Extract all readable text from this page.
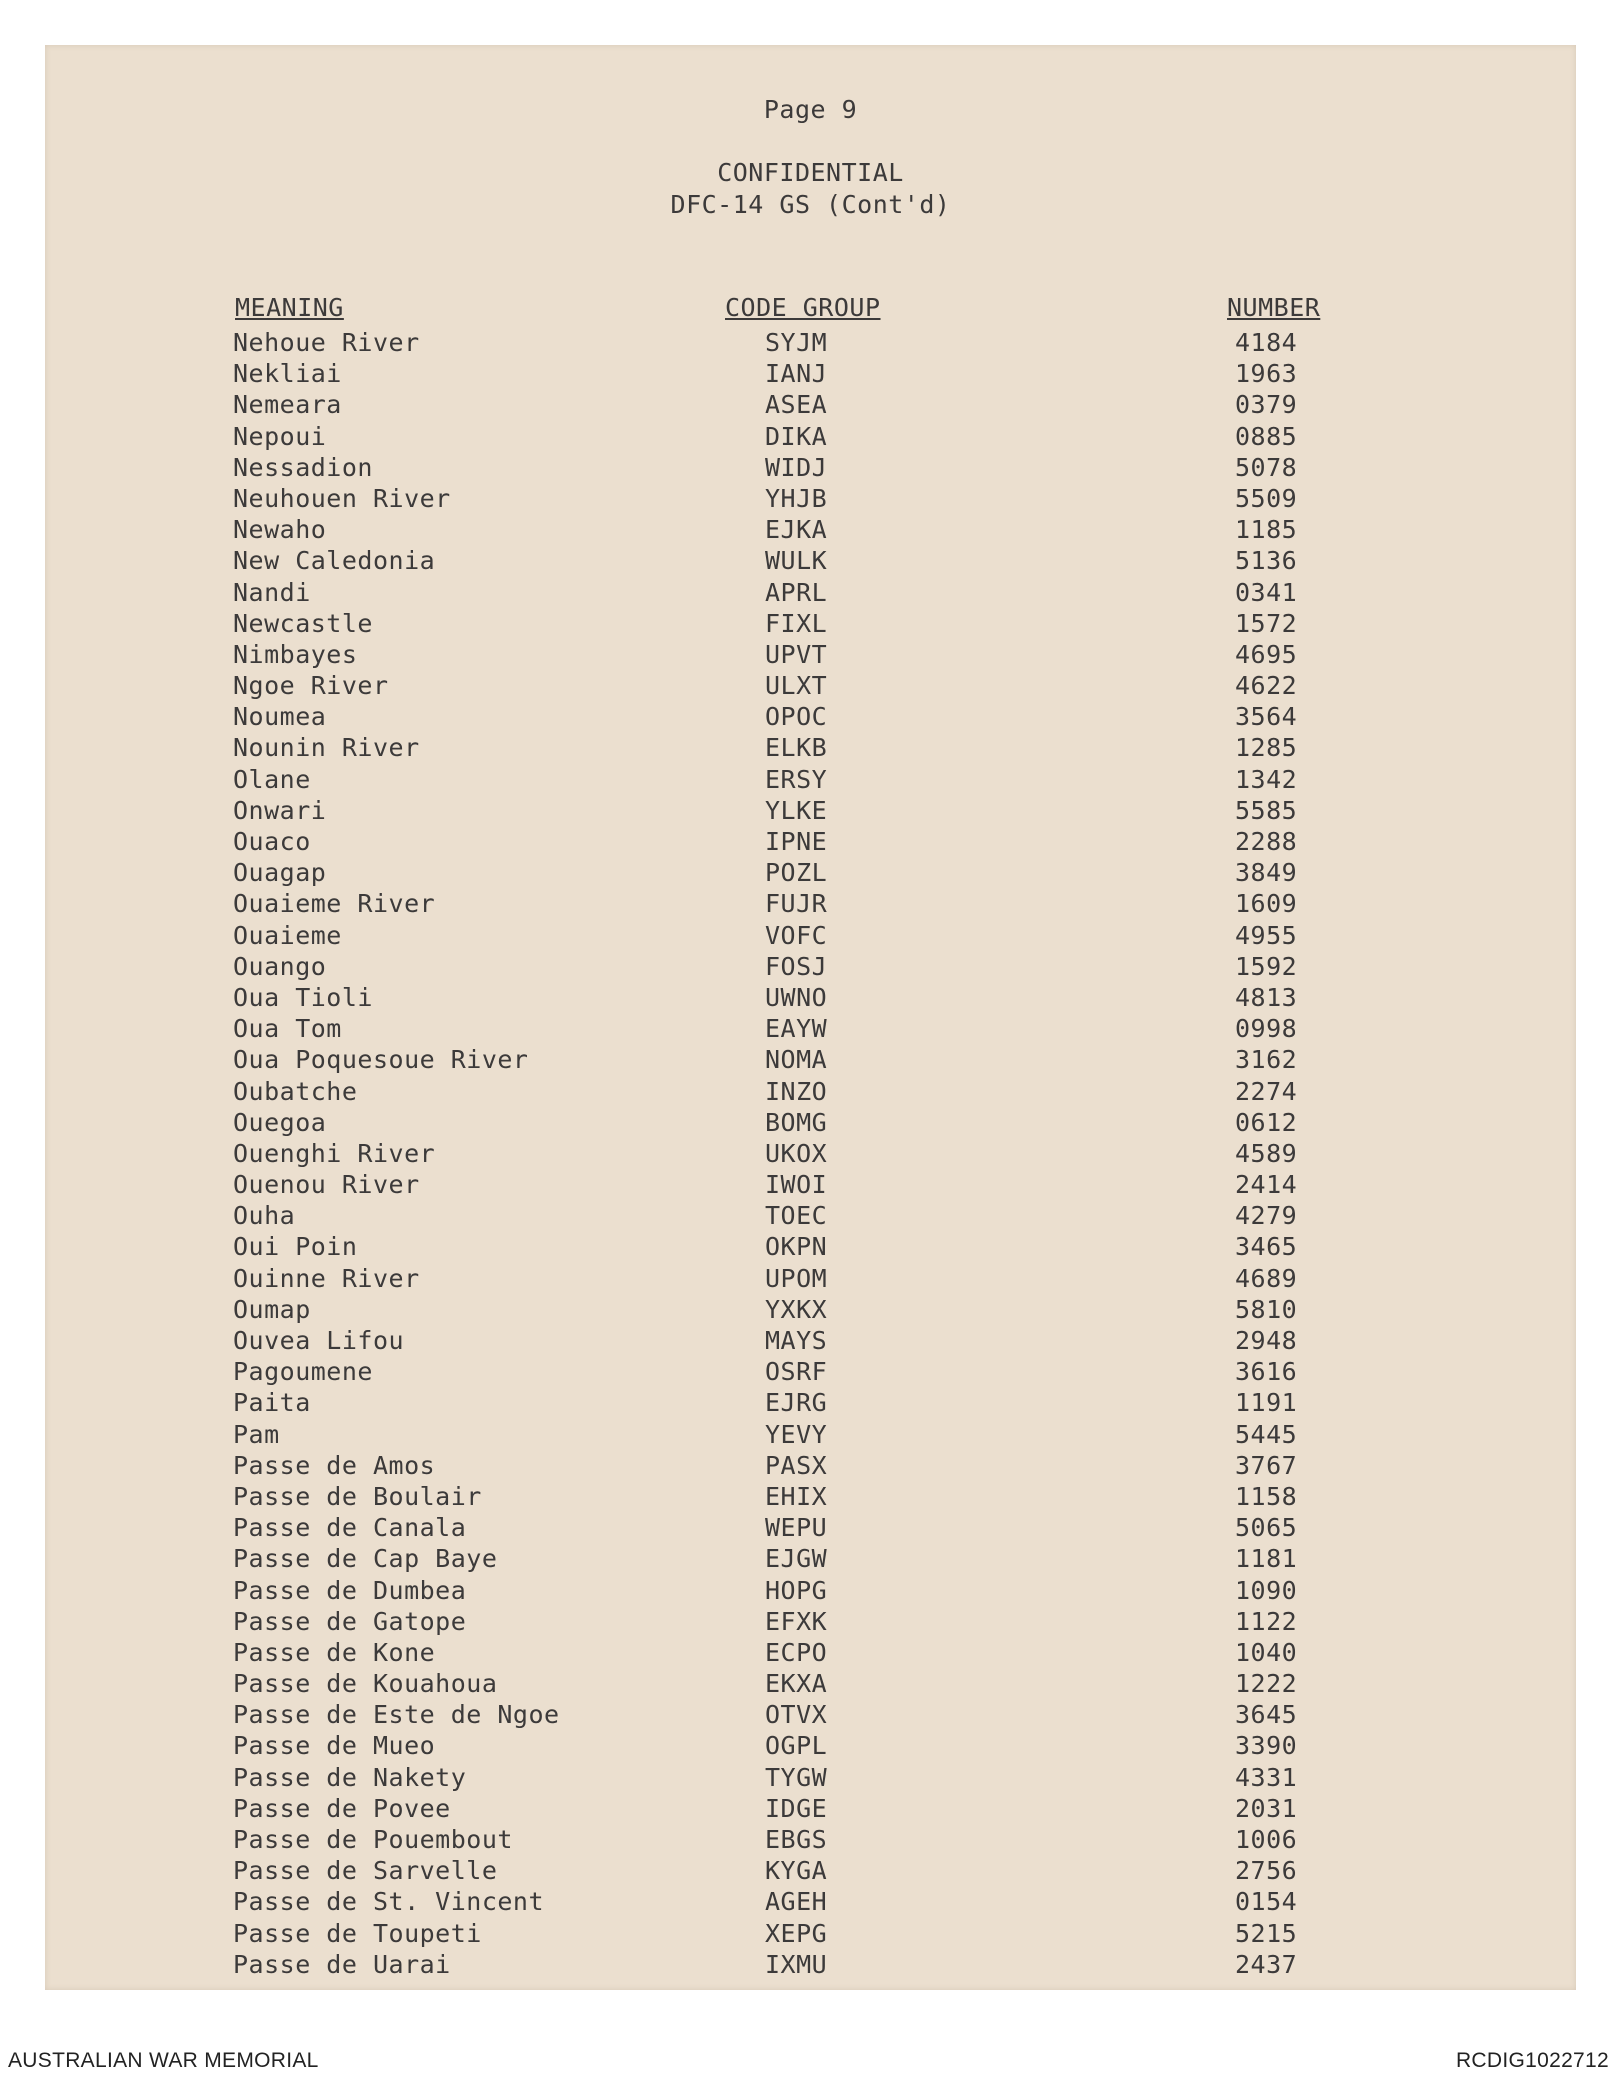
Page 9
CONFIDENTIAL
DFC-14 GS (Cont'd)
MEANING	CODE GROUP	NUMBER
Nehoue River	SYJM	4184
Nekliai	IANJ	1963
Nemeara	ASEA	0379
Nepoui	DIKA	0885
Nessadion	WIDJ	5078
Neuhouen River	YHJB	5509
Newaho	EJKA	1185
New Caledonia	WULK	5136
Nandi	APRL	0341
Newcastle	FIXL	1572
Nimbayes	UPVT	4695
Ngoe River	ULXT	4622
Noumea	OPOC	3564
Nounin River	ELKB	1285
Olane	ERSY	1342
Onwari	YLKE	5585
Ouaco	IPNE	2288
Ouagap	POZL	3849
Ouaieme River	FUJR	1609
Ouaieme	VOFC	4955
Ouango	FOSJ	1592
Oua Tioli	UWNO	4813
Oua Tom	EAYW	0998
Oua Poquesoue River	NOMA	3162
Oubatche	INZO	2274
Ouegoa	BOMG	0612
Ouenghi River	UKOX	4589
Ouenou River	IWOI	2414
Ouha	TOEC	4279
Oui Poin	OKPN	3465
Ouinne River	UPOM	4689
Oumap	YXKX	5810
Ouvea Lifou	MAYS	2948
Pagoumene	OSRF	3616
Paita	EJRG	1191
Pam	YEVY	5445
Passe de Amos	PASX	3767
Passe de Boulair	EHIX	1158
Passe de Canala	WEPU	5065
Passe de Cap Baye	EJGW	1181
Passe de Dumbea	HOPG	1090
Passe de Gatope	EFXK	1122
Passe de Kone	ECPO	1040
Passe de Kouahoua	EKXA	1222
Passe de Este de Ngoe	OTVX	3645
Passe de Mueo	OGPL	3390
Passe de Nakety	TYGW	4331
Passe de Povee	IDGE	2031
Passe de Pouembout	EBGS	1006
Passe de Sarvelle	KYGA	2756
Passe de St. Vincent	AGEH	0154
Passe de Toupeti	XEPG	5215
Passe de Uarai	IXMU	2437
AUSTRALIAN WAR MEMORIAL	RCDIG1022712
